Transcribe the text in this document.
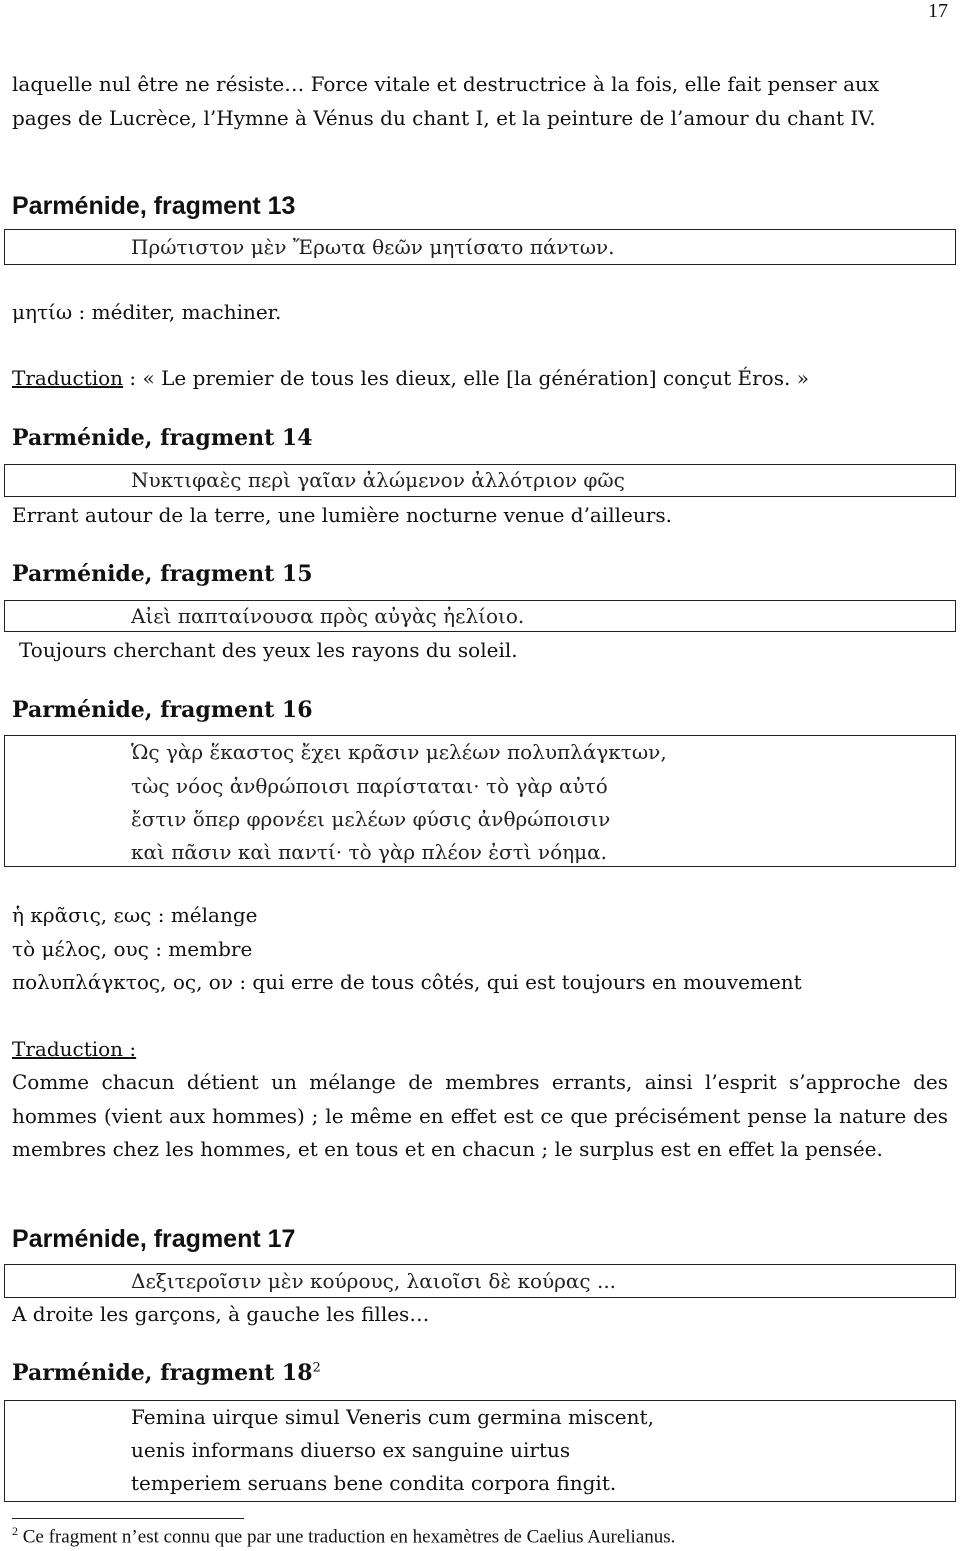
17
laquelle nul être ne résiste… Force vitale et destructrice à la fois, elle fait penser aux
pages de Lucrèce, l’Hymne à Vénus du chant I, et la peinture de l’amour du chant IV.
Parménide, fragment 13
Πρώτιστον μὲν Ἔρωτα θεῶν μητίσατο πάντων.
μητίω : méditer, machiner.
Traduction : « Le premier de tous les dieux, elle [la génération] conçut Éros. »
Parménide, fragment 14
Νυκτιφαὲς περὶ γαῖαν ἀλώμενον ἀλλότριον φῶς
Errant autour de la terre, une lumière nocturne venue d’ailleurs.
Parménide, fragment 15
Αἰεὶ παπταίνουσα πρὸς αὐγὰς ἠελίοιο.
Toujours cherchant des yeux les rayons du soleil.
Parménide, fragment 16
Ὡς γὰρ ἕκαστος ἔχει κρᾶσιν μελέων πολυπλάγκτων,
τὼς νόος ἀνθρώποισι παρίσταται· τὸ γὰρ αὐτό
ἔστιν ὅπερ φρονέει μελέων φύσις ἀνθρώποισιν
καὶ πᾶσιν καὶ παντί· τὸ γὰρ πλέον ἐστὶ νόημα.
ἡ κρᾶσις, εως : mélange
τὸ μέλος, ους : membre
πολυπλάγκτος, ος, ον : qui erre de tous côtés, qui est toujours en mouvement
Traduction :
Comme chacun détient un mélange de membres errants, ainsi l’esprit s’approche des hommes (vient aux hommes) ; le même en effet est ce que précisément pense la nature des membres chez les hommes, et en tous et en chacun ; le surplus est en effet la pensée.
Parménide, fragment 17
Δεξιτεροῖσιν μὲν κούρους, λαιοῖσι δὲ κούρας ...
A droite les garçons, à gauche les filles…
Parménide, fragment $18^2$
Femina uirque simul Veneris cum germina miscent,
uenis informans diuerso ex sanguine uirtus
temperiem seruans bene condita corpora fingit.
$^2$ Ce fragment n’est connu que par une traduction en hexamètres de Caelius Aurelianus.
